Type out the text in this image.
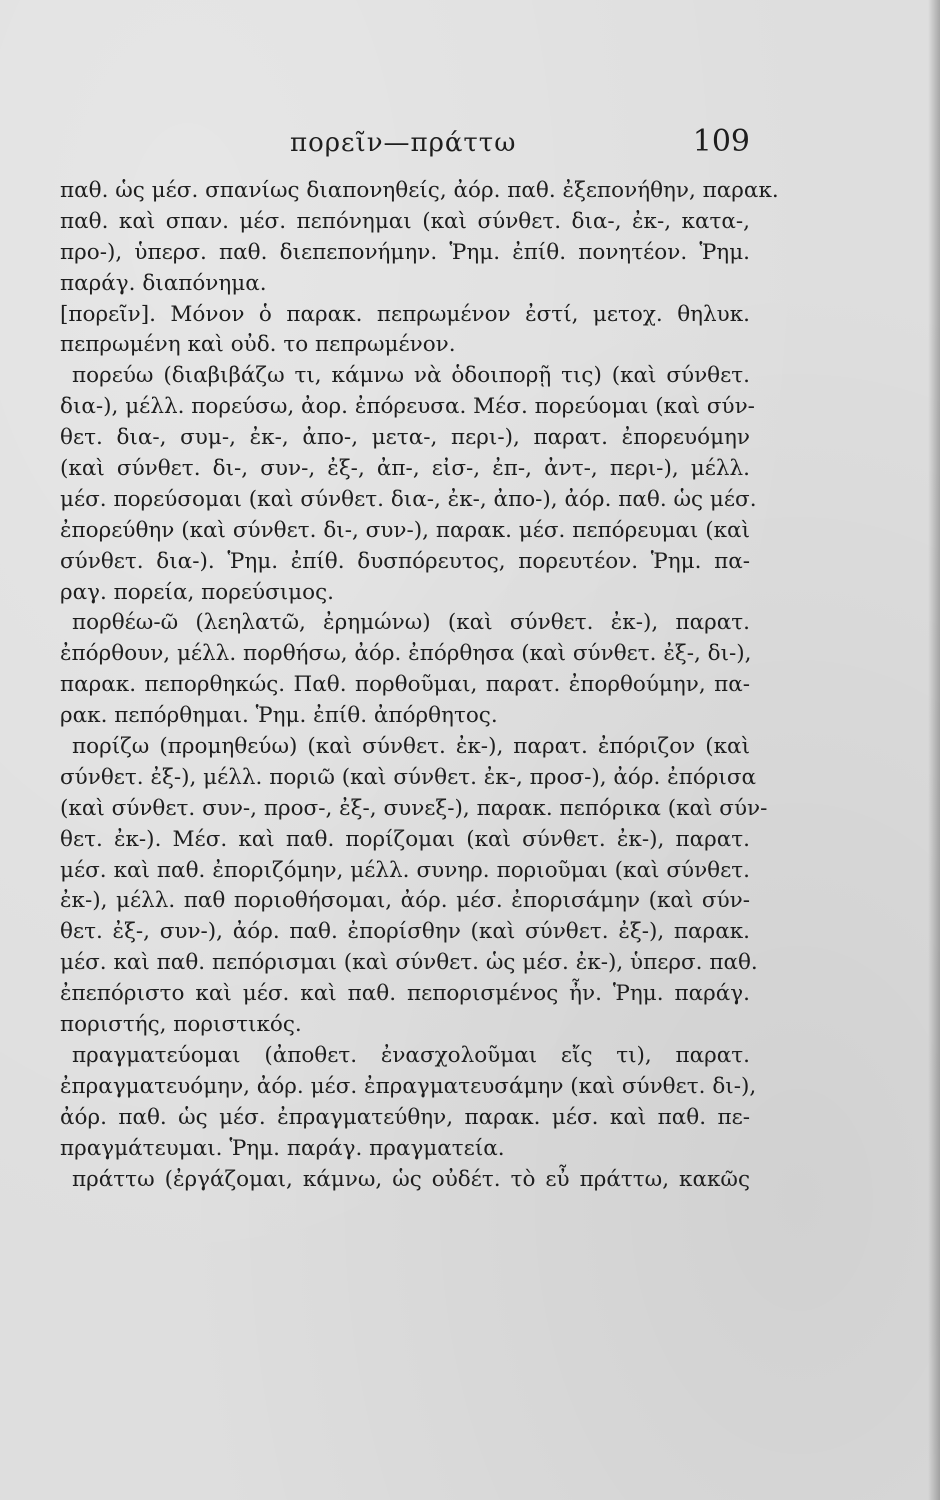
πορεῖν—πράττω	109
παθ. ὡς μέσ. σπανίως διαπονηθείς, ἀόρ. παθ. ἐξεπονήθην, παρακ.
παθ. καὶ σπαν. μέσ. πεπόνημαι (καὶ σύνθετ. δια-, ἐκ-, κατα-,
προ-), ὑπερσ. παθ. διεπεπονήμην. Ῥημ. ἐπίθ. πονητέον. Ῥημ.
παράγ. διαπόνημα.
[πορεῖν]. Μόνον ὁ παρακ. πεπρωμένον ἐστί, μετοχ. θηλυκ.
πεπρωμένη καὶ οὐδ. το πεπρωμένον.
πορεύω (διαβιβάζω τι, κάμνω νὰ ὁδοιπορῇ τις) (καὶ σύνθετ.
δια-), μέλλ. πορεύσω, ἀορ. ἐπόρευσα. Μέσ. πορεύομαι (καὶ σύν-
θετ. δια-, συμ-, ἐκ-, ἀπο-, μετα-, περι-), παρατ. ἐπορευόμην
(καὶ σύνθετ. δι-, συν-, ἐξ-, ἀπ-, εἰσ-, ἐπ-, ἀντ-, περι-), μέλλ.
μέσ. πορεύσομαι (καὶ σύνθετ. δια-, ἐκ-, ἀπο-), ἀόρ. παθ. ὡς μέσ.
ἐπορεύθην (καὶ σύνθετ. δι-, συν-), παρακ. μέσ. πεπόρευμαι (καὶ
σύνθετ. δια-). Ῥημ. ἐπίθ. δυσπόρευτος, πορευτέον. Ῥημ. πα-
ραγ. πορεία, πορεύσιμος.
πορθέω-ῶ (λεηλατῶ, ἐρημώνω) (καὶ σύνθετ. ἐκ-), παρατ.
ἐπόρθουν, μέλλ. πορθήσω, ἀόρ. ἐπόρθησα (καὶ σύνθετ. ἐξ-, δι-),
παρακ. πεπορθηκώς. Παθ. πορθοῦμαι, παρατ. ἐπορθούμην, πα-
ρακ. πεπόρθημαι. Ῥημ. ἐπίθ. ἀπόρθητος.
πορίζω (προμηθεύω) (καὶ σύνθετ. ἐκ-), παρατ. ἐπόριζον (καὶ
σύνθετ. ἐξ-), μέλλ. ποριῶ (καὶ σύνθετ. ἐκ-, προσ-), ἀόρ. ἐπόρισα
(καὶ σύνθετ. συν-, προσ-, ἐξ-, συνεξ-), παρακ. πεπόρικα (καὶ σύν-
θετ. ἐκ-). Μέσ. καὶ παθ. πορίζομαι (καὶ σύνθετ. ἐκ-), παρατ.
μέσ. καὶ παθ. ἐποριζόμην, μέλλ. συνηρ. ποριοῦμαι (καὶ σύνθετ.
ἐκ-), μέλλ. παθ ποριοθήσομαι, ἀόρ. μέσ. ἐπορισάμην (καὶ σύν-
θετ. ἐξ-, συν-), ἀόρ. παθ. ἐπορίσθην (καὶ σύνθετ. ἐξ-), παρακ.
μέσ. καὶ παθ. πεπόρισμαι (καὶ σύνθετ. ὡς μέσ. ἐκ-), ὑπερσ. παθ.
ἐπεπόριστο καὶ μέσ. καὶ παθ. πεπορισμένος ἦν. Ῥημ. παράγ.
ποριστής, ποριστικός.
πραγματεύομαι (ἀποθετ. ἐνασχολοῦμαι εἴς τι), παρατ.
ἐπραγματευόμην, ἀόρ. μέσ. ἐπραγματευσάμην (καὶ σύνθετ. δι-),
ἀόρ. παθ. ὡς μέσ. ἐπραγματεύθην, παρακ. μέσ. καὶ παθ. πε-
πραγμάτευμαι. Ῥημ. παράγ. πραγματεία.
πράττω (ἐργάζομαι, κάμνω, ὡς οὐδέτ. τὸ εὖ πράττω, κακῶς
